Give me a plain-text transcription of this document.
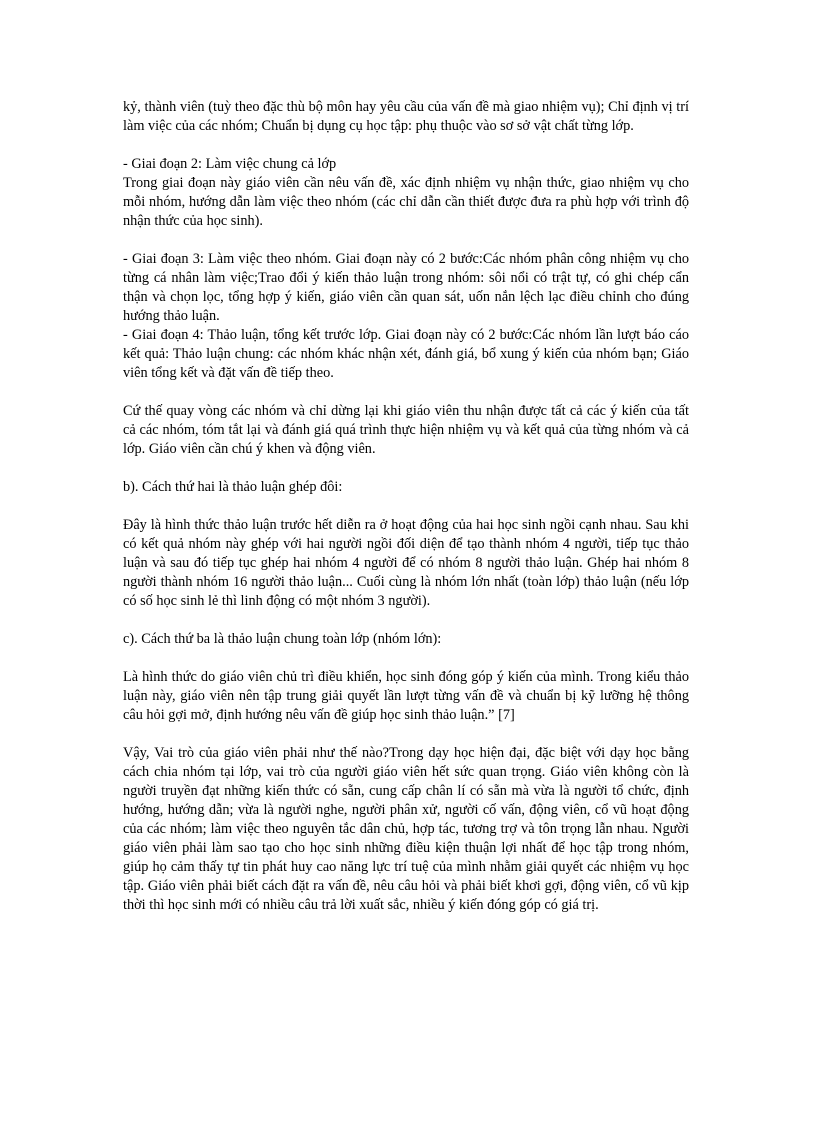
kỷ, thành viên (tuỳ theo đặc thù bộ môn hay yêu cầu của vấn đề mà giao nhiệm vụ); Chỉ định vị trí làm việc của các nhóm; Chuẩn bị dụng cụ học tập: phụ thuộc vào sơ sở vật chất từng lớp.

- Giai đoạn 2: Làm việc chung cả lớp
Trong giai đoạn này giáo viên cần nêu vấn đề, xác định nhiệm vụ nhận thức, giao nhiệm vụ cho mỗi nhóm, hướng dẫn làm việc theo nhóm (các chỉ dẫn cần thiết được đưa ra phù hợp với trình độ nhận thức của học sinh).

- Giai đoạn 3: Làm việc theo nhóm. Giai đoạn này có 2 bước:Các nhóm phân công nhiệm vụ cho từng cá nhân làm việc;Trao đổi ý kiến thảo luận trong nhóm: sôi nổi có trật tự, có ghi chép cẩn thận và chọn lọc, tổng hợp ý kiến, giáo viên cần quan sát, uốn nắn lệch lạc điều chỉnh cho đúng hướng thảo luận.

- Giai đoạn 4: Thảo luận, tổng kết trước lớp. Giai đoạn này có 2 bước:Các nhóm lần lượt báo cáo kết quả: Thảo luận chung: các nhóm khác nhận xét, đánh giá, bổ xung ý kiến của nhóm bạn; Giáo viên tổng kết và đặt vấn đề tiếp theo.

Cứ thế quay vòng các nhóm và chỉ dừng lại khi giáo viên thu nhận được tất cả các ý kiến của tất cả các nhóm, tóm tắt lại và đánh giá quá trình thực hiện nhiệm vụ và kết quả của từng nhóm và cả lớp. Giáo viên cần chú ý khen và động viên.

b). Cách thứ hai là thảo luận ghép đôi:

Đây là hình thức thảo luận trước hết diễn ra ở hoạt động của hai học sinh ngồi cạnh nhau. Sau khi có kết quả nhóm này ghép với hai người ngồi đối diện để tạo thành nhóm 4 người, tiếp tục thảo luận và sau đó tiếp tục ghép hai nhóm 4 người để có nhóm 8 người thảo luận. Ghép hai nhóm 8 người thành nhóm 16 người thảo luận... Cuối cùng là nhóm lớn nhất (toàn lớp) thảo luận (nếu lớp có số học sinh lẻ thì linh động có một nhóm 3 người).

c). Cách thứ ba là thảo luận chung toàn lớp (nhóm lớn):

Là hình thức do giáo viên chủ trì điều khiển, học sinh đóng góp ý kiến của mình. Trong kiểu thảo luận này, giáo viên nên tập trung giải quyết lần lượt từng vấn đề và chuẩn bị kỹ lưỡng hệ thông câu hỏi gợi mở, định hướng nêu vấn đề giúp học sinh thảo luận.” [7]

Vậy, Vai trò của giáo viên phải như thế nào?Trong dạy học hiện đại, đặc biệt với dạy học bằng cách chia nhóm tại lớp, vai trò của người giáo viên hết sức quan trọng. Giáo viên không còn là người truyền đạt những kiến thức có sẵn, cung cấp chân lí có sẵn mà vừa là người tổ chức, định hướng, hướng dẫn; vừa là người nghe, người phân xử, người cố vấn, động viên, cổ vũ hoạt động của các nhóm; làm việc theo nguyên tắc dân chủ, hợp tác, tương trợ và tôn trọng lẫn nhau. Người giáo viên phải làm sao tạo cho học sinh những điều kiện thuận lợi nhất để học tập trong nhóm, giúp họ cảm thấy tự tin phát huy cao năng lực trí tuệ của mình nhằm giải quyết các nhiệm vụ học tập. Giáo viên phải biết cách đặt ra vấn đề, nêu câu hỏi và phải biết khơi gợi, động viên, cổ vũ kịp thời thì học sinh mới có nhiều câu trả lời xuất sắc, nhiều ý kiến đóng góp có giá trị.
